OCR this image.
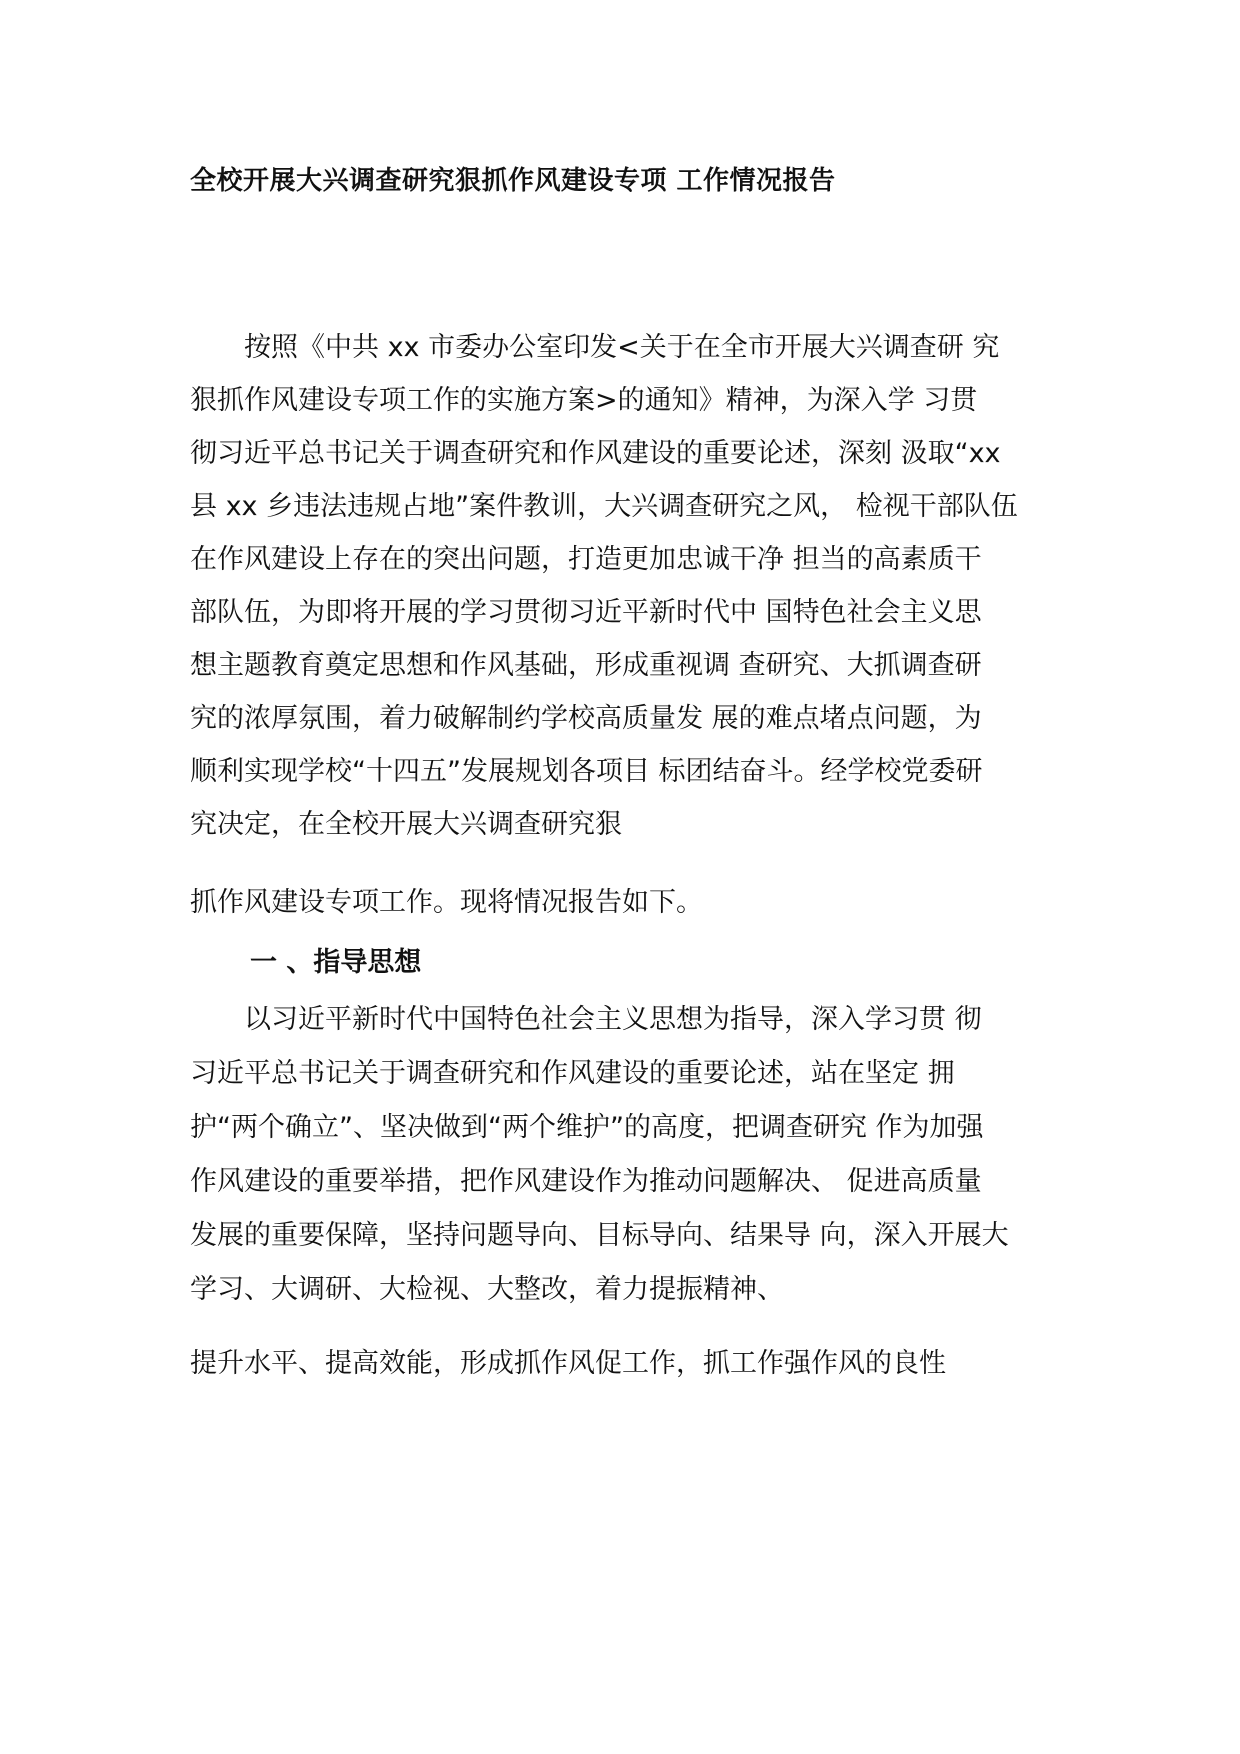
全校开展大兴调查研究狠抓作风建设专项 工作情况报告
　　按照《中共 xx 市委办公室印发<关于在全市开展大兴调查研 究
狠抓作风建设专项工作的实施方案>的通知》精神，为深入学 习贯
彻习近平总书记关于调查研究和作风建设的重要论述，深刻 汲取“xx
县 xx 乡违法违规占地”案件教训，大兴调查研究之风， 检视干部队伍
在作风建设上存在的突出问题，打造更加忠诚干净 担当的高素质干
部队伍，为即将开展的学习贯彻习近平新时代中 国特色社会主义思
想主题教育奠定思想和作风基础，形成重视调 查研究、大抓调查研
究的浓厚氛围，着力破解制约学校高质量发 展的难点堵点问题，为
顺利实现学校“十四五”发展规划各项目 标团结奋斗。经学校党委研
究决定，在全校开展大兴调查研究狠
抓作风建设专项工作。现将情况报告如下。
一 、指导思想
　　以习近平新时代中国特色社会主义思想为指导，深入学习贯 彻
习近平总书记关于调查研究和作风建设的重要论述，站在坚定 拥
护“两个确立”、坚决做到“两个维护”的高度，把调查研究 作为加强
作风建设的重要举措，把作风建设作为推动问题解决、 促进高质量
发展的重要保障，坚持问题导向、目标导向、结果导 向，深入开展大
学习、大调研、大检视、大整改，着力提振精神、
提升水平、提高效能，形成抓作风促工作，抓工作强作风的良性
